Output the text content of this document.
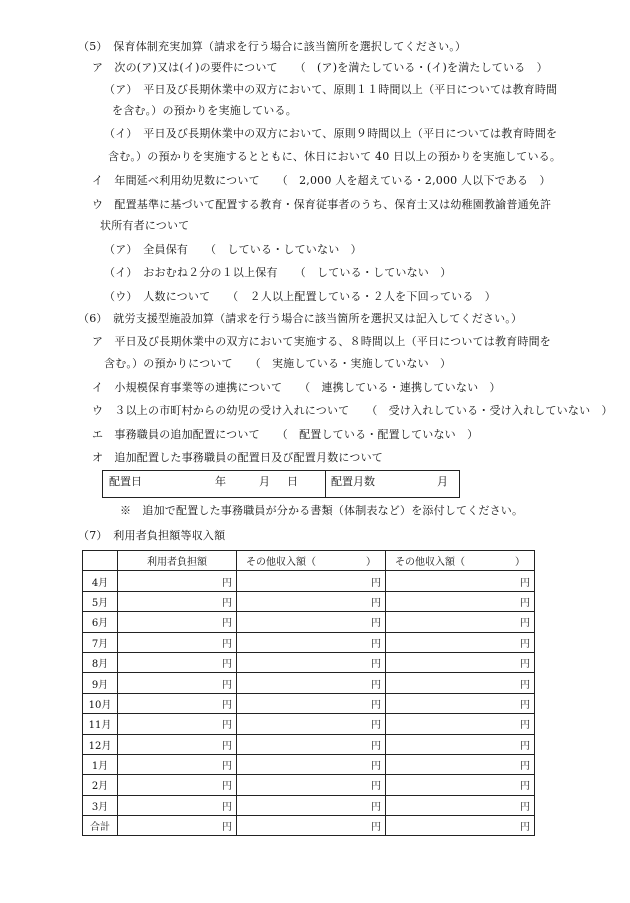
（5）　保育体制充実加算（請求を行う場合に該当箇所を選択してください。）
ア　次の(ア)又は(イ)の要件について　　（　(ア)を満たしている・(イ)を満たしている　）
（ア）　平日及び長期休業中の双方において、原則１１時間以上（平日については教育時間
を含む。）の預かりを実施している。
（イ）　平日及び長期休業中の双方において、原則９時間以上（平日については教育時間を
含む。）の預かりを実施するとともに、休日において 40 日以上の預かりを実施している。
イ　年間延べ利用幼児数について　　（　2,000 人を超えている・2,000 人以下である　）
ウ　配置基準に基づいて配置する教育・保育従事者のうち、保育士又は幼稚園教諭普通免許
状所有者について
（ア）　全員保有　　（　している・していない　）
（イ）　おおむね２分の１以上保有　　（　している・していない　）
（ウ）　人数について　　（　２人以上配置している・２人を下回っている　）
（6）　就労支援型施設加算（請求を行う場合に該当箇所を選択又は記入してください。）
ア　平日及び長期休業中の双方において実施する、８時間以上（平日については教育時間を
含む。）の預かりについて　　（　実施している・実施していない　）
イ　小規模保育事業等の連携について　　（　連携している・連携していない　）
ウ　３以上の市町村からの幼児の受け入れについて　　（　受け入れしている・受け入れしていない　）
エ　事務職員の追加配置について　　（　配置している・配置していない　）
オ　追加配置した事務職員の配置日及び配置月数について
配置日	年	月 日	配置月数	月
※　追加で配置した事務職員が分かる書類（体制表など）を添付してください。
（7）　利用者負担額等収入額
	利用者負担額	その他収入額（　　　　　）	その他収入額（　　　　　）
4月	円	円	円
5月	円	円	円
6月	円	円	円
7月	円	円	円
8月	円	円	円
9月	円	円	円
10月	円	円	円
11月	円	円	円
12月	円	円	円
1月	円	円	円
2月	円	円	円
3月	円	円	円
合計	円	円	円
